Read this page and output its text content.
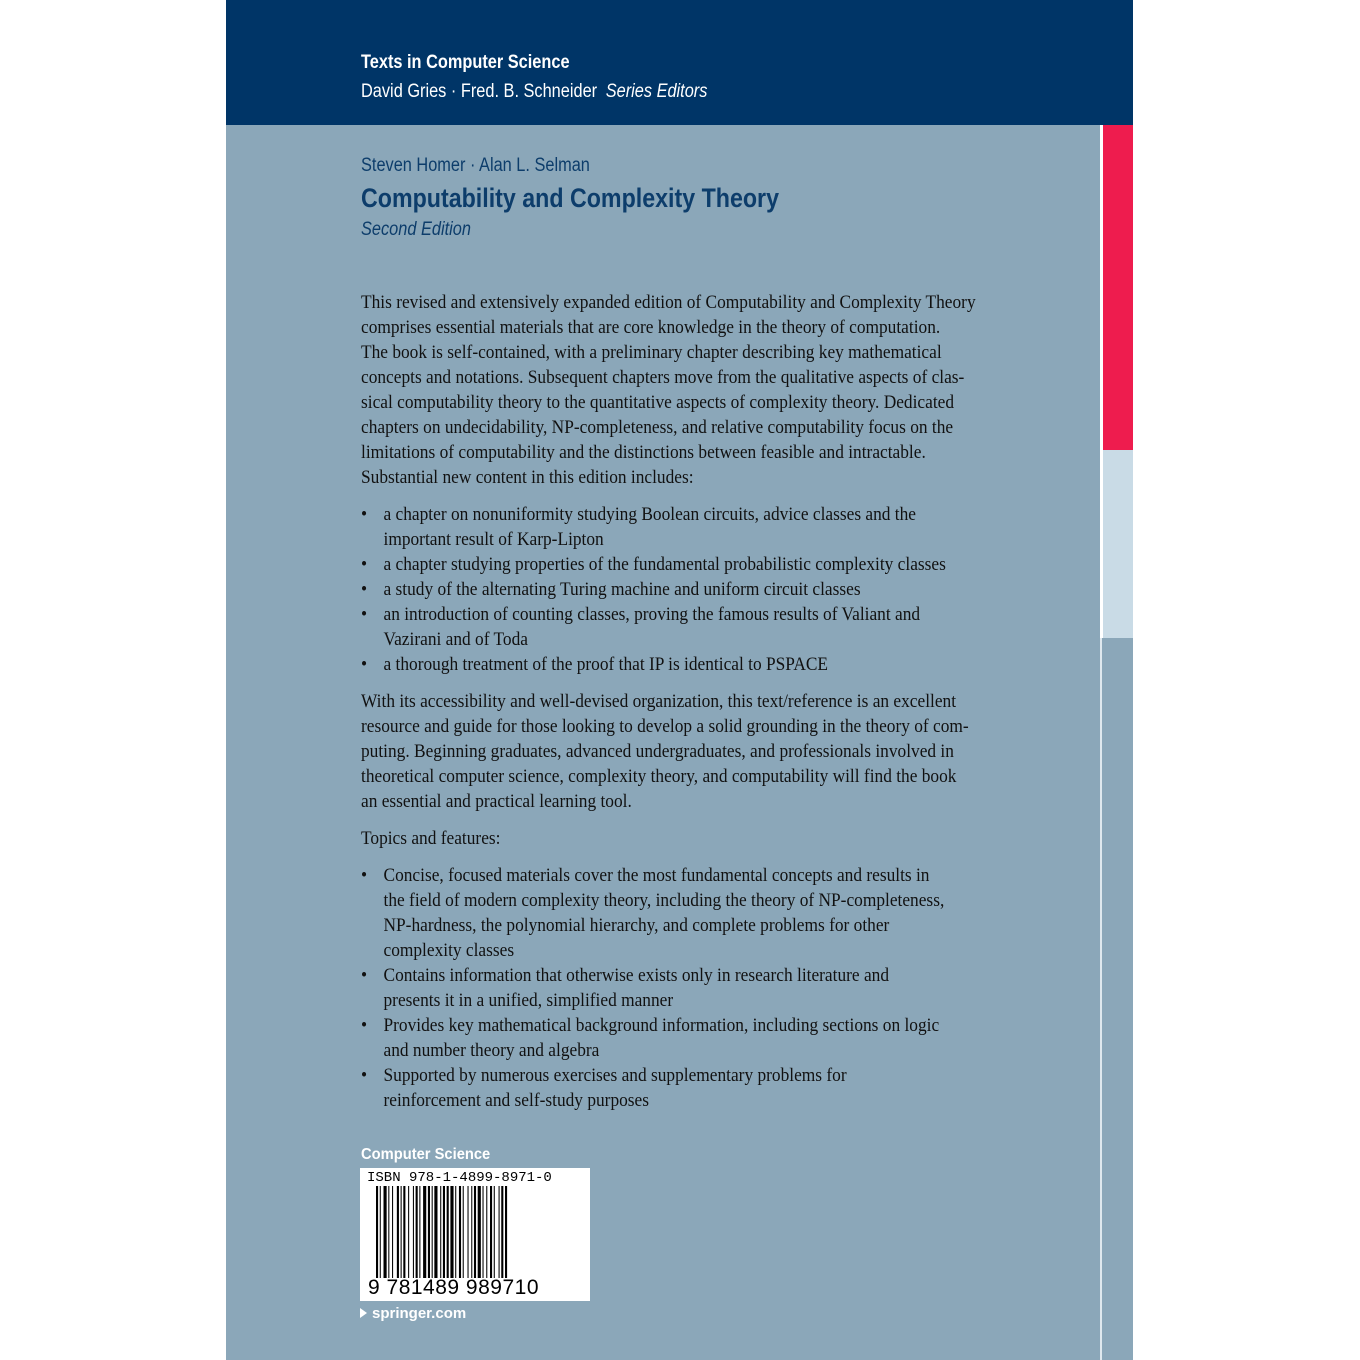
Texts in Computer Science
David Gries · Fred. B. Schneider Series Editors
Steven Homer · Alan L. Selman
Computability and Complexity Theory
Second Edition

This revised and extensively expanded edition of Computability and Complexity Theory
comprises essential materials that are core knowledge in the theory of computation.
The book is self-contained, with a preliminary chapter describing key mathematical
concepts and notations. Subsequent chapters move from the qualitative aspects of clas-
sical computability theory to the quantitative aspects of complexity theory. Dedicated
chapters on undecidability, NP-completeness, and relative computability focus on the
limitations of computability and the distinctions between feasible and intractable.
Substantial new content in this edition includes:

• a chapter on nonuniformity studying Boolean circuits, advice classes and the
important result of Karp-Lipton
• a chapter studying properties of the fundamental probabilistic complexity classes
• a study of the alternating Turing machine and uniform circuit classes
• an introduction of counting classes, proving the famous results of Valiant and
Vazirani and of Toda
• a thorough treatment of the proof that IP is identical to PSPACE

With its accessibility and well-devised organization, this text/reference is an excellent
resource and guide for those looking to develop a solid grounding in the theory of com-
puting. Beginning graduates, advanced undergraduates, and professionals involved in
theoretical computer science, complexity theory, and computability will find the book
an essential and practical learning tool.

Topics and features:

• Concise, focused materials cover the most fundamental concepts and results in
the field of modern complexity theory, including the theory of NP-completeness,
NP-hardness, the polynomial hierarchy, and complete problems for other
complexity classes
• Contains information that otherwise exists only in research literature and
presents it in a unified, simplified manner
• Provides key mathematical background information, including sections on logic
and number theory and algebra
• Supported by numerous exercises and supplementary problems for
reinforcement and self-study purposes
Computer Science
ISBN 978-1-4899-8971-0
9 781489 989710
springer.com
